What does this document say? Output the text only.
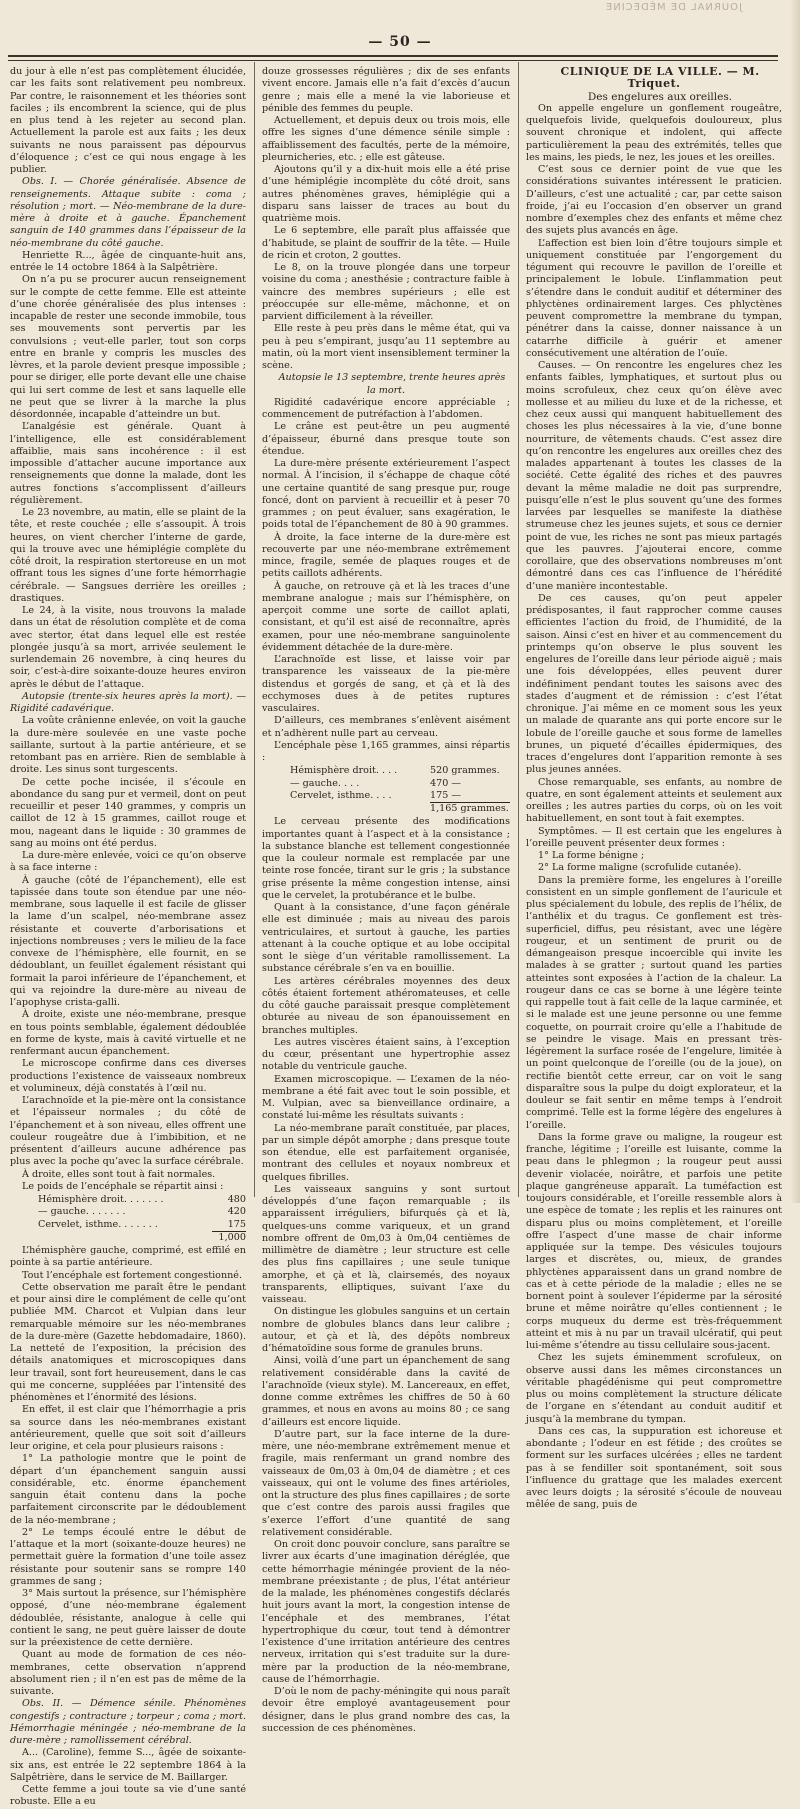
JOURNAL DE MÉDECINE
— 50 —

du jour à elle n’est pas complètement élucidée, car les faits sont relativement peu nombreux. Par contre, le raisonnement et les théories sont faciles ; ils encombrent la science, qui de plus en plus tend à les rejeter au second plan. Actuellement la parole est aux faits ; les deux suivants ne nous paraissent pas dépourvus d’éloquence ; c’est ce qui nous engage à les publier.

Obs. I. — Chorée généralisée. Absence de renseignements. Attaque subite : coma ; résolution ; mort. — Néo-membrane de la dure-mère à droite et à gauche. Épanchement sanguin de 140 grammes dans l’épaisseur de la néo-membrane du côté gauche.

Henriette R..., âgée de cinquante-huit ans, entrée le 14 octobre 1864 à la Salpêtrière.

On n’a pu se procurer aucun renseignement sur le compte de cette femme. Elle est atteinte d’une chorée généralisée des plus intenses : incapable de rester une seconde immobile, tous ses mouvements sont pervertis par les convulsions ; veut-elle parler, tout son corps entre en branle y compris les muscles des lèvres, et la parole devient presque impossible ; pour se diriger, elle porte devant elle une chaise qui lui sert comme de lest et sans laquelle elle ne peut que se livrer à la marche la plus désordonnée, incapable d’atteindre un but.

L’analgésie est générale. Quant à l’intelligence, elle est considérablement affaiblie, mais sans incohérence : il est impossible d’attacher aucune importance aux renseignements que donne la malade, dont les autres fonctions s’accomplissent d’ailleurs régulièrement.

Le 23 novembre, au matin, elle se plaint de la tête, et reste couchée ; elle s’assoupit. À trois heures, on vient chercher l’interne de garde, qui la trouve avec une hémiplégie complète du côté droit, la respiration stertoreuse en un mot offrant tous les signes d’une forte hémorrhagie cérébrale. — Sangsues derrière les oreilles ; drastiques.

Le 24, à la visite, nous trouvons la malade dans un état de résolution complète et de coma avec stertor, état dans lequel elle est restée plongée jusqu’à sa mort, arrivée seulement le surlendemain 26 novembre, à cinq heures du soir, c’est-à-dire soixante-douze heures environ après le début de l’attaque.

Autopsie (trente-six heures après la mort). — Rigidité cadavérique.

La voûte crânienne enlevée, on voit la gauche la dure-mère soulevée en une vaste poche saillante, surtout à la partie antérieure, et se retombant pas en arrière. Rien de semblable à droite. Les sinus sont turgescents.

De cette poche incisée, il s’écoule en abondance du sang pur et vermeil, dont on peut recueillir et peser 140 grammes, y compris un caillot de 12 à 15 grammes, caillot rouge et mou, nageant dans le liquide : 30 grammes de sang au moins ont été perdus.

La dure-mère enlevée, voici ce qu’on observe à sa face interne :

À gauche (côté de l’épanchement), elle est tapissée dans toute son étendue par une néo-membrane, sous laquelle il est facile de glisser la lame d’un scalpel, néo-membrane assez résistante et couverte d’arborisations et injections nombreuses ; vers le milieu de la face convexe de l’hémisphère, elle fournit, en se dédoublant, un feuillet également résistant qui formait la paroi inférieure de l’épanchement, et qui va rejoindre la dure-mère au niveau de l’apophyse crista-galli.

À droite, existe une néo-membrane, presque en tous points semblable, également dédoublée en forme de kyste, mais à cavité virtuelle et ne renfermant aucun épanchement.

Le microscope confirme dans ces diverses productions l’existence de vaisseaux nombreux et volumineux, déjà constatés à l’œil nu.

L’arachnoïde et la pie-mère ont la consistance et l’épaisseur normales ; du côté de l’épanchement et à son niveau, elles offrent une couleur rougeâtre due à l’imbibition, et ne présentent d’ailleurs aucune adhérence pas plus avec la poche qu’avec la surface cérébrale.

À droite, elles sont tout à fait normales.

Le poids de l’encéphale se répartit ainsi :

Hémisphère droit. . . . . . .	480
— gauche. . . . . . .	420
Cervelet, isthme. . . . . . .	175
	1,000

L’hémisphère gauche, comprimé, est effilé en pointe à sa partie antérieure.

Tout l’encéphale est fortement congestionné.

Cette observation me paraît être le pendant et pour ainsi dire le complément de celle qu’ont publiée MM. Charcot et Vulpian dans leur remarquable mémoire sur les néo-membranes de la dure-mère (Gazette hebdomadaire, 1860). La netteté de l’exposition, la précision des détails anatomiques et microscopiques dans leur travail, sont fort heureusement, dans le cas qui me concerne, suppléées par l’intensité des phénomènes et l’énormité des lésions.

En effet, il est clair que l’hémorrhagie a pris sa source dans les néo-membranes existant antérieurement, quelle que soit soit d’ailleurs leur origine, et cela pour plusieurs raisons :

1° La pathologie montre que le point de départ d’un épanchement sanguin aussi considérable, etc. énorme épanchement sanguin était contenu dans la poche parfaitement circonscrite par le dédoublement de la néo-membrane ;

2° Le temps écoulé entre le début de l’attaque et la mort (soixante-douze heures) ne permettait guère la formation d’une toile assez résistante pour soutenir sans se rompre 140 grammes de sang ;

3° Mais surtout la présence, sur l’hémisphère opposé, d’une néo-membrane également dédoublée, résistante, analogue à celle qui contient le sang, ne peut guère laisser de doute sur la préexistence de cette dernière.

Quant au mode de formation de ces néo-membranes, cette observation n’apprend absolument rien ; il n’en est pas de même de la suivante.

Obs. II. — Démence sénile. Phénomènes congestifs ; contracture ; torpeur ; coma ; mort. Hémorrhagie méningée ; néo-membrane de la dure-mère ; ramollissement cérébral.

A... (Caroline), femme S..., âgée de soixante-six ans, est entrée le 22 septembre 1864 à la Salpêtrière, dans le service de M. Baillarger.

Cette femme a joui toute sa vie d’une santé robuste. Elle a eu

douze grossesses régulières ; dix de ses enfants vivent encore. Jamais elle n’a fait d’excès d’aucun genre ; mais elle a mené la vie laborieuse et pénible des femmes du peuple.

Actuellement, et depuis deux ou trois mois, elle offre les signes d’une démence sénile simple : affaiblissement des facultés, perte de la mémoire, pleurnicheries, etc. ; elle est gâteuse.

Ajoutons qu’il y a dix-huit mois elle a été prise d’une hémiplégie incomplète du côté droit, sans autres phénomènes graves, hémiplégie qui a disparu sans laisser de traces au bout du quatrième mois.

Le 6 septembre, elle paraît plus affaissée que d’habitude, se plaint de souffrir de la tête. — Huile de ricin et croton, 2 gouttes.

Le 8, on la trouve plongée dans une torpeur voisine du coma ; anesthésie ; contracture faible à vaincre des membres supérieurs ; elle est préoccupée sur elle-même, mâchonne, et on parvient difficilement à la réveiller.

Elle reste à peu près dans le même état, qui va peu à peu s’empirant, jusqu’au 11 septembre au matin, où la mort vient insensiblement terminer la scène.

Autopsie le 13 septembre, trente heures après la mort.

Rigidité cadavérique encore appréciable ; commencement de putréfaction à l’abdomen.

Le crâne est peut-être un peu augmenté d’épaisseur, éburné dans presque toute son étendue.

La dure-mère présente extérieurement l’aspect normal. À l’incision, il s’échappe de chaque côté une certaine quantité de sang presque pur, rouge foncé, dont on parvient à recueillir et à peser 70 grammes ; on peut évaluer, sans exagération, le poids total de l’épanchement de 80 à 90 grammes.

À droite, la face interne de la dure-mère est recouverte par une néo-membrane extrêmement mince, fragile, semée de plaques rouges et de petits caillots adhérents.

À gauche, on retrouve çà et là les traces d’une membrane analogue ; mais sur l’hémisphère, on aperçoit comme une sorte de caillot aplati, consistant, et qu’il est aisé de reconnaître, après examen, pour une néo-membrane sanguinolente évidemment détachée de la dure-mère.

L’arachnoïde est lisse, et laisse voir par transparence les vaisseaux de la pie-mère distendus et gorgés de sang, et çà et là des ecchymoses dues à de petites ruptures vasculaires.

D’ailleurs, ces membranes s’enlèvent aisément et n’adhèrent nulle part au cerveau.

L’encéphale pèse 1,165 grammes, ainsi répartis :

Hémisphère droit. . . .	520 grammes.
— gauche. . . .	470 —
Cervelet, isthme. . . .	175 —
	1,165 grammes.

Le cerveau présente des modifications importantes quant à l’aspect et à la consistance ; la substance blanche est tellement congestionnée que la couleur normale est remplacée par une teinte rose foncée, tirant sur le gris ; la substance grise présente la même congestion intense, ainsi que le cervelet, la protubérance et le bulbe.

Quant à la consistance, d’une façon générale elle est diminuée ; mais au niveau des parois ventriculaires, et surtout à gauche, les parties attenant à la couche optique et au lobe occipital sont le siège d’un véritable ramollissement. La substance cérébrale s’en va en bouillie.

Les artères cérébrales moyennes des deux côtés étaient fortement athéromateuses, et celle du côté gauche paraissait presque complètement obturée au niveau de son épanouissement en branches multiples.

Les autres viscères étaient sains, à l’exception du cœur, présentant une hypertrophie assez notable du ventricule gauche.

Examen microscopique. — L’examen de la néo-membrane a été fait avec tout le soin possible, et M. Vulpian, avec sa bienveillance ordinaire, a constaté lui-même les résultats suivants :

La néo-membrane paraît constituée, par places, par un simple dépôt amorphe ; dans presque toute son étendue, elle est parfaitement organisée, montrant des cellules et noyaux nombreux et quelques fibrilles.

Les vaisseaux sanguins y sont surtout développés d’une façon remarquable ; ils apparaissent irréguliers, bifurqués çà et là, quelques-uns comme variqueux, et un grand nombre offrent de 0m,03 à 0m,04 centièmes de millimètre de diamètre ; leur structure est celle des plus fins capillaires ; une seule tunique amorphe, et çà et là, clairsemés, des noyaux transparents, elliptiques, suivant l’axe du vaisseau.

On distingue les globules sanguins et un certain nombre de globules blancs dans leur calibre ; autour, et çà et là, des dépôts nombreux d’hématoïdine sous forme de granules bruns.

Ainsi, voilà d’une part un épanchement de sang relativement considérable dans la cavité de l’arachnoïde (vieux style). M. Lancereaux, en effet, donne comme extrêmes les chiffres de 50 à 60 grammes, et nous en avons au moins 80 ; ce sang d’ailleurs est encore liquide.

D’autre part, sur la face interne de la dure-mère, une néo-membrane extrêmement menue et fragile, mais renfermant un grand nombre des vaisseaux de 0m,03 à 0m,04 de diamètre ; et ces vaisseaux, qui ont le volume des fines artérioles, ont la structure des plus fines capillaires ; de sorte que c’est contre des parois aussi fragiles que s’exerce l’effort d’une quantité de sang relativement considérable.

On croit donc pouvoir conclure, sans paraître se livrer aux écarts d’une imagination déréglée, que cette hémorrhagie méningée provient de la néo-membrane préexistante ; de plus, l’état antérieur de la malade, les phénomènes congestifs déclarés huit jours avant la mort, la congestion intense de l’encéphale et des membranes, l’état hypertrophique du cœur, tout tend à démontrer l’existence d’une irritation antérieure des centres nerveux, irritation qui s’est traduite sur la dure-mère par la production de la néo-membrane, cause de l’hémorrhagie.

D’où le nom de pachy-méningite qui nous paraît devoir être employé avantageusement pour désigner, dans le plus grand nombre des cas, la succession de ces phénomènes.

CLINIQUE DE LA VILLE. — M. Triquet.

Des engelures aux oreilles.

On appelle engelure un gonflement rougeâtre, quelquefois livide, quelquefois douloureux, plus souvent chronique et indolent, qui affecte particulièrement la peau des extrémités, telles que les mains, les pieds, le nez, les joues et les oreilles.

C’est sous ce dernier point de vue que les considérations suivantes intéressent le praticien. D’ailleurs, c’est une actualité ; car, par cette saison froide, j’ai eu l’occasion d’en observer un grand nombre d’exemples chez des enfants et même chez des sujets plus avancés en âge.

L’affection est bien loin d’être toujours simple et uniquement constituée par l’engorgement du tégument qui recouvre le pavillon de l’oreille et principalement le lobule. L’inflammation peut s’étendre dans le conduit auditif et déterminer des phlyctènes ordinairement larges. Ces phlyctènes peuvent compromettre la membrane du tympan, pénétrer dans la caisse, donner naissance à un catarrhe difficile à guérir et amener consécutivement une altération de l’ouïe.

Causes. — On rencontre les engelures chez les enfants faibles, lymphatiques, et surtout plus ou moins scrofuleux, chez ceux qu’on élève avec mollesse et au milieu du luxe et de la richesse, et chez ceux aussi qui manquent habituellement des choses les plus nécessaires à la vie, d’une bonne nourriture, de vêtements chauds. C’est assez dire qu’on rencontre les engelures aux oreilles chez des malades appartenant à toutes les classes de la société. Cette égalité des riches et des pauvres devant la même maladie ne doit pas surprendre, puisqu’elle n’est le plus souvent qu’une des formes larvées par lesquelles se manifeste la diathèse strumeuse chez les jeunes sujets, et sous ce dernier point de vue, les riches ne sont pas mieux partagés que les pauvres. J’ajouterai encore, comme corollaire, que des observations nombreuses m’ont démontré dans ces cas l’influence de l’hérédité d’une manière incontestable.

De ces causes, qu’on peut appeler prédisposantes, il faut rapprocher comme causes efficientes l’action du froid, de l’humidité, de la saison. Ainsi c’est en hiver et au commencement du printemps qu’on observe le plus souvent les engelures de l’oreille dans leur période aiguë ; mais une fois développées, elles peuvent durer indéfiniment pendant toutes les saisons avec des stades d’augment et de rémission : c’est l’état chronique. J’ai même en ce moment sous les yeux un malade de quarante ans qui porte encore sur le lobule de l’oreille gauche et sous forme de lamelles brunes, un piqueté d’écailles épidermiques, des traces d’engelures dont l’apparition remonte à ses plus jeunes années.

Chose remarquable, ses enfants, au nombre de quatre, en sont également atteints et seulement aux oreilles ; les autres parties du corps, où on les voit habituellement, en sont tout à fait exemptes.

Symptômes. — Il est certain que les engelures à l’oreille peuvent présenter deux formes :

1° La forme bénigne ;

2° La forme maligne (scrofulide cutanée).

Dans la première forme, les engelures à l’oreille consistent en un simple gonflement de l’auricule et plus spécialement du lobule, des replis de l’hélix, de l’anthélix et du tragus. Ce gonflement est très-superficiel, diffus, peu résistant, avec une légère rougeur, et un sentiment de prurit ou de démangeaison presque incoercible qui invite les malades à se gratter ; surtout quand les parties atteintes sont exposées à l’action de la chaleur. La rougeur dans ce cas se borne à une légère teinte qui rappelle tout à fait celle de la laque carminée, et si le malade est une jeune personne ou une femme coquette, on pourrait croire qu’elle a l’habitude de se peindre le visage. Mais en pressant très-légèrement la surface rosée de l’engelure, limitée à un point quelconque de l’oreille (ou de la joue), on rectifie bientôt cette erreur, car on voit le sang disparaître sous la pulpe du doigt explorateur, et la douleur se fait sentir en même temps à l’endroit comprimé. Telle est la forme légère des engelures à l’oreille.

Dans la forme grave ou maligne, la rougeur est franche, légitime ; l’oreille est luisante, comme la peau dans le phlegmon ; la rougeur peut aussi devenir violacée, noirâtre, et parfois une petite plaque gangréneuse apparaît. La tuméfaction est toujours considérable, et l’oreille ressemble alors à une espèce de tomate ; les replis et les rainures ont disparu plus ou moins complètement, et l’oreille offre l’aspect d’une masse de chair informe appliquée sur la tempe. Des vésicules toujours larges et discrètes, ou, mieux, de grandes phlyctènes apparaissent dans un grand nombre de cas et à cette période de la maladie ; elles ne se bornent point à soulever l’épiderme par la sérosité brune et même noirâtre qu’elles contiennent ; le corps muqueux du derme est très-fréquemment atteint et mis à nu par un travail ulcératif, qui peut lui-même s’étendre au tissu cellulaire sous-jacent.

Chez les sujets éminemment scrofuleux, on observe aussi dans les mêmes circonstances un véritable phagédénisme qui peut compromettre plus ou moins complètement la structure délicate de l’organe en s’étendant au conduit auditif et jusqu’à la membrane du tympan.

Dans ces cas, la suppuration est ichoreuse et abondante ; l’odeur en est fétide ; des croûtes se forment sur les surfaces ulcérées ; elles ne tardent pas à se fendiller soit spontanément, soit sous l’influence du grattage que les malades exercent avec leurs doigts ; la sérosité s’écoule de nouveau mêlée de sang, puis de
